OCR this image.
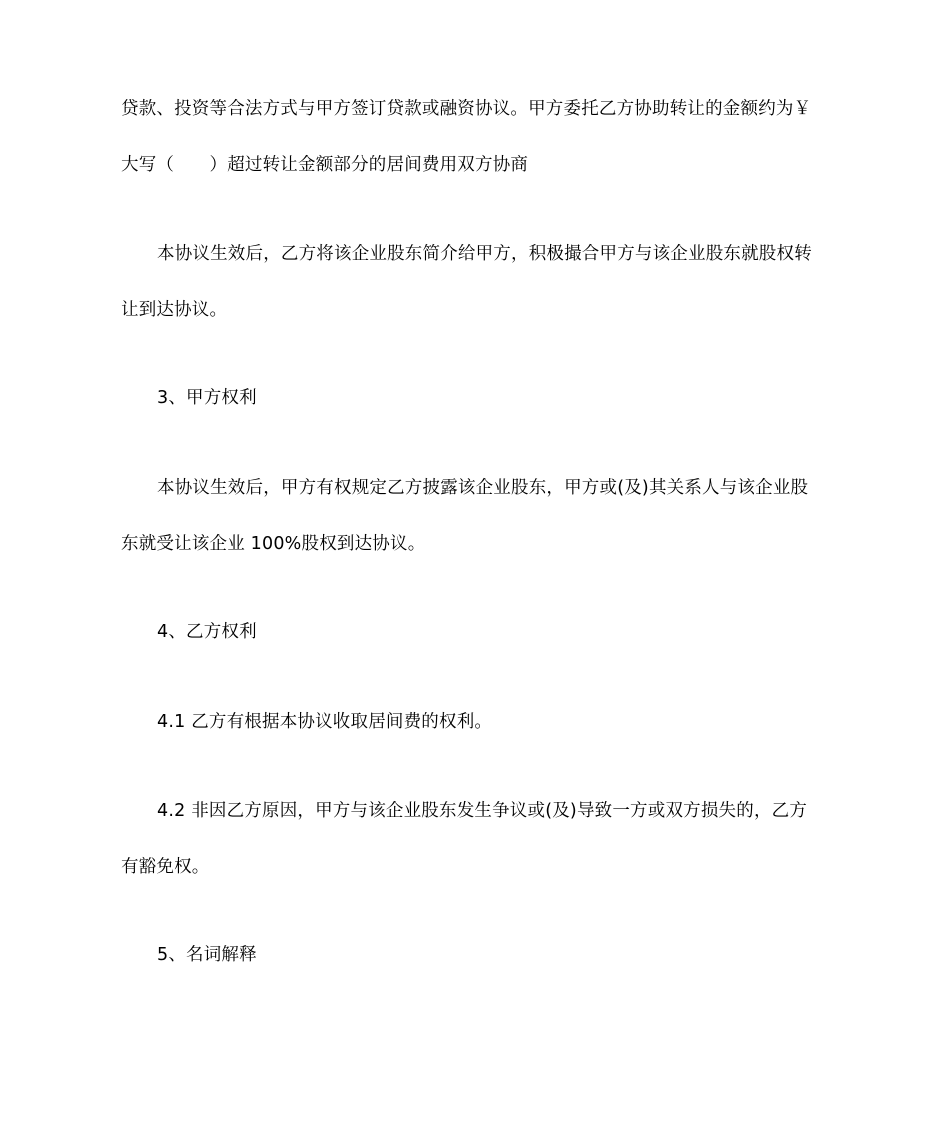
贷款、投资等合法方式与甲方签订贷款或融资协议。甲方委托乙方协助转让的金额约为￥
大写（　　）超过转让金额部分的居间费用双方协商
本协议生效后，乙方将该企业股东简介给甲方，积极撮合甲方与该企业股东就股权转
让到达协议。
3、甲方权利
本协议生效后，甲方有权规定乙方披露该企业股东，甲方或(及)其关系人与该企业股
东就受让该企业 100%股权到达协议。
4、乙方权利
4.1 乙方有根据本协议收取居间费的权利。
4.2 非因乙方原因，甲方与该企业股东发生争议或(及)导致一方或双方损失的，乙方
有豁免权。
5、名词解释
